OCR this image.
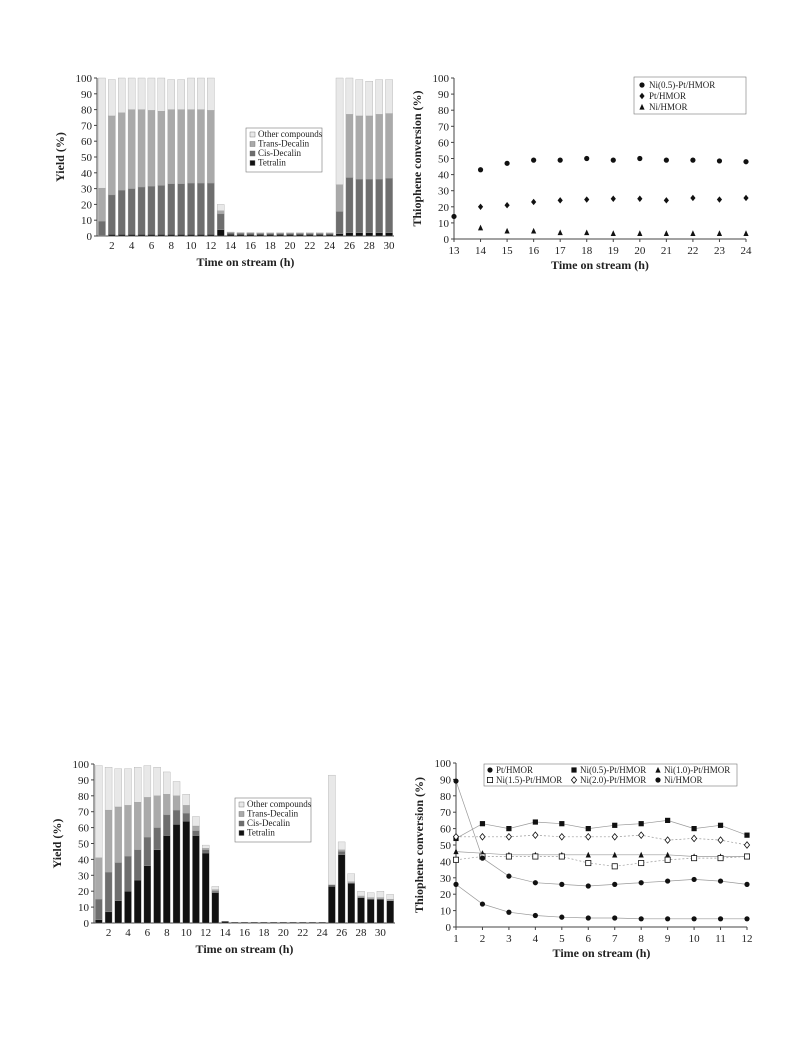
0
10
20
30
40
50
60
70
80
90
100
Yield (%)
2 4 6 8 10 12 14 16 18 20 22 24 26 28 30
Time on stream (h)
Other compounds
Trans-Decalin
Cis-Decalin
Tetralin
0
10
20
30
40
50
60
70
80
90
100
Thiophene conversion (%)
13 14 15 16 17 18 19 20 21 22 23 24
Time on stream (h)
Ni(0.5)-Pt/HMOR
Pt/HMOR
Ni/HMOR
0
10
20
30
40
50
60
70
80
90
100
Yield (%)
2 4 6 8 10 12 14 16 18 20 22 24 26 28 30
Time on stream (h)
Other compounds
Trans-Decalin
Cis-Decalin
Tetralin
0
10
20
30
40
50
60
70
80
90
100
Thiophene conversion (%)
1 2 3 4 5 6 7 8 9 10 11 12
Time on stream (h)
Pt/HMOR	Ni(0.5)-Pt/HMOR Ni(1.0)-Pt/HMOR
Ni(1.5)-Pt/HMOR Ni(2.0)-Pt/HMOR Ni/HMOR
